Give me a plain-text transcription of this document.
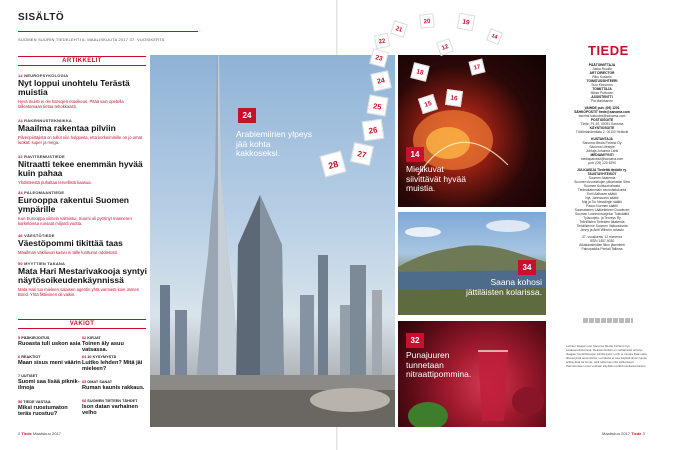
SISÄLTÖ
SUOMEN SUURIN TIEDELEHTI 6. MAALISKUUTA 2017 37. VUOSIKERTA
ARTIKKELIT
14 NEUROPSYKOLOGIA
Nyt loppui unohtelu Terästä muistia
Hyvä muisti ei ole harvojen etuoikeus. Pitää vain opetella tallentamaan tietoa tehokkaasti.
24 RAKENNUSTEKNIIKKA
Maailma rakentaa pilviin
Pilvenpiirtäjistä on tullut niin hulppeita, että korkeimmille on jo omat luokat: super ja mega.
32 RAVITSEMUSTIEDE
Nitraatti tekee enemmän hyvää kuin pahaa
Yhdisteestä puhaltaa tervellistä kaasua.
34 PALEOMAANTIEDE
Eurooppa rakentui Suomen ympärille
Kun Eurooppa viimein valmistui, Suomi oli pyörinyt manneren karkeloissa runsaat miljardi vuotta.
46 VÄESTÖTIEDE
Väestöpommi tikittää taas
Maailman väkiluvun kasvu ei tälle lunttunut odotetusti.
50 MYYTTIEN TAKANA
Mata Hari Mestarivakooja syntyi näytösoikeudenkäynnissä
Mata Hari tuo mieleen salaisen agentin yhtä varmasti kuin James Bond. Yhtä fiktiivinen oli vaikin.
VAKIOT
5 PÄÄKIRJOITUS
Ruoasta tuli uskon asia
6 REAKTIOT
Maan sisus meni väärin
7 UUTISET
Suomi saa lisää piknik-ilmoja
58 TIEDE VASTAA
Miksi ruostumaton teräs ruostuu?
62 KIRJAT
Toinen äly asuu vatsassa.
64 10 KYSYMYSTÄ
Luitko lehden? Mitä jäi mieleen?
65 OMAT SANAT
Ruman kaunis rakkaus.
66 SUOMEN TIETEEN TÄHDET
Ison datan varhainen velho
24
Arabiemiirien ylpeys jää kohta kakkoseksi.	14
Mielikuvat siivittävät hyvää muistia.
28
27
26
25
24
23
22
21
20	19
12
18
17
16
15
14
34
Saana kohosi jättiläisten kolarissa.
32
Punajuuren tunnetaan nitraattipommina.
TIEDE
PÄÄTOIMITTAJA
Jukka Ruukki
ART DIRECTOR
Riku Koskelo
TOIMITUSSIHTEERI
Suvi Kinnunen
TOIMITTAJA
Mikko Puttonen
ASSISTENTTI
Pia Markkanen
VAIHDE puh. (09) 1201
SÄHKÖPOSTIT tiede@sanoma.com
etunimi.sukunimi@sanoma.com
POSTIOSOITE
Tiede, PL 40, 00091 Sanoma
KÄYNTIOSOITE
Töölönlahdenkatu 2, 00100 Helsinki
KUSTANTAJA
Sanoma Media Finland Oy
Sanoma Lifestyle
Johtaja Johanna Lahti
MEDIAMYYNTI
mediapalvelut@sanoma.com
puh. (09) 120 5290
JULKAISIJA Tiedettä tiedolle ry.
TAUSTAYHTEISÖT
Suomen Akatemia
Suomen Arvostelujen yliharrastin Sitra
Suomen Kulttuurirahasto
Tiedeakatemiain neuvottelukunta
Emil Aaltosen säätiö
Nyt. Jahnssonin säätiö
Maj ja Tor Nesslingin säätiö
Paavo Nurmen säätiö
Suomalainen Lääketieteen Duodecim
Suomen Luonnonsuojelun Tukisäätiö
Työsuojelu- ja Terveys Ry
Teknillisten Tieteiden Akatemia
Tietoliikenne Suomen Valtuuskunta
Jenny ja Antti Wihurin rahasto
37. vuosikerta, 12 numeroa
ISSN 1457-9030
Aikakauslehtien liiton jäsenlehti
Painopaikka Printall Tallinna
Lehden tilaajat ovat Sanoma Media Finland Oyn asiakasrekisterissä. Rekisterissään on nähtävissä selvitys tilaajien henkilötietojen käsittelystä. Lehti ei vastaa tilaamatta lähetetyistä aineistoista. Lehdestä ei saa käyttää ilman lupaa artikkeleita tai kuvia, eikä tallentaa niitä sähköisesti. Painotuotteen osia voidaan käyttää markkinointitarkoituksiin.
2 Tiede Maaliskuu 2017	Maaliskuu 2017 Tiede 3
